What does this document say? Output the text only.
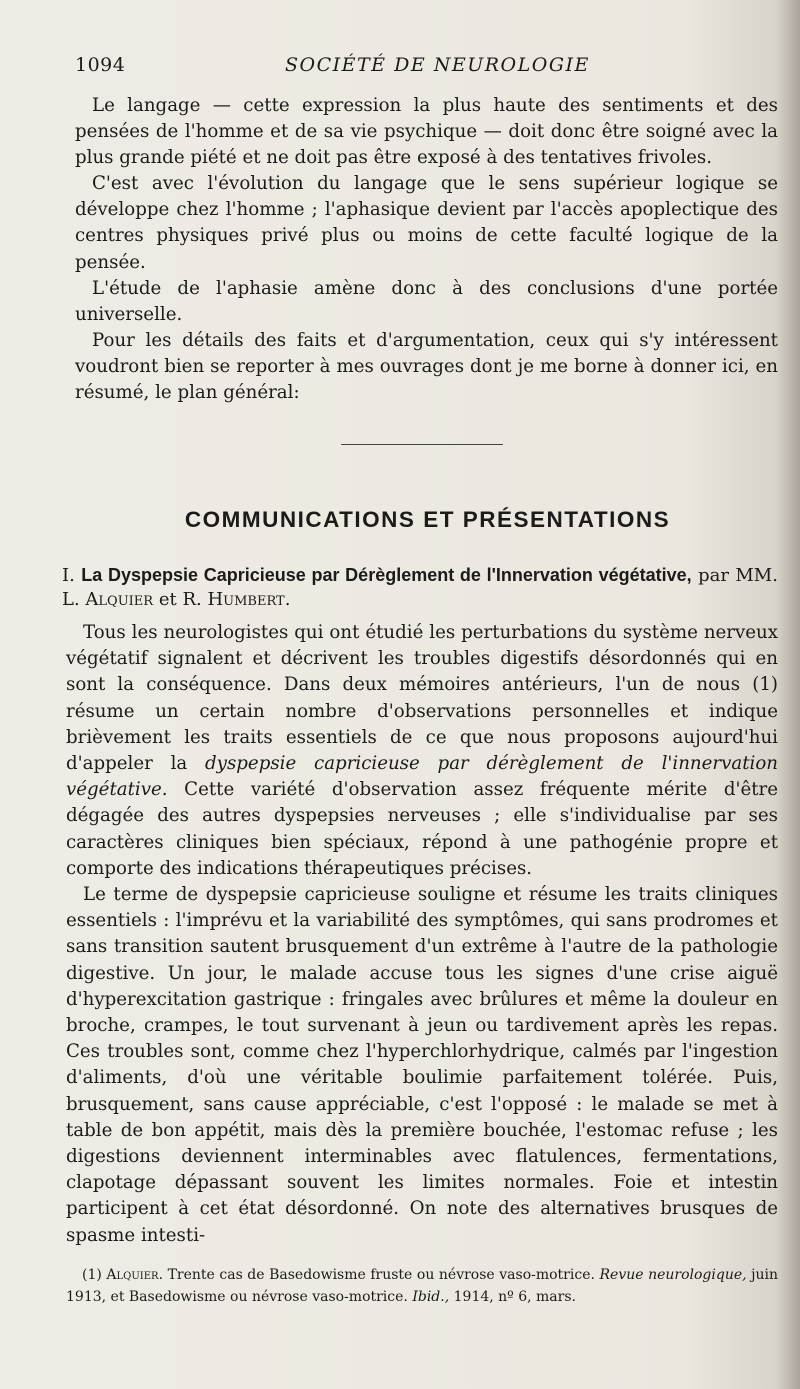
1094	SOCIÉTÉ DE NEUROLOGIE

Le langage — cette expression la plus haute des sentiments et des pensées de l'homme et de sa vie psychique — doit donc être soigné avec la plus grande piété et ne doit pas être exposé à des tentatives frivoles.

C'est avec l'évolution du langage que le sens supérieur logique se développe chez l'homme ; l'aphasique devient par l'accès apoplectique des centres physiques privé plus ou moins de cette faculté logique de la pensée.

L'étude de l'aphasie amène donc à des conclusions d'une portée universelle.

Pour les détails des faits et d'argumentation, ceux qui s'y intéressent voudront bien se reporter à mes ouvrages dont je me borne à donner ici, en résumé, le plan général:

COMMUNICATIONS ET PRÉSENTATIONS

I. La Dyspepsie Capricieuse par Dérèglement de l'Innervation végétative, par MM. L. Alquier et R. Humbert.

Tous les neurologistes qui ont étudié les perturbations du système nerveux végétatif signalent et décrivent les troubles digestifs désordonnés qui en sont la conséquence. Dans deux mémoires antérieurs, l'un de nous (1) résume un certain nombre d'observations personnelles et indique brièvement les traits essentiels de ce que nous proposons aujourd'hui d'appeler la dyspepsie capricieuse par dérèglement de l'innervation végétative. Cette variété d'observation assez fréquente mérite d'être dégagée des autres dyspepsies nerveuses ; elle s'individualise par ses caractères cliniques bien spéciaux, répond à une pathogénie propre et comporte des indications thérapeutiques précises.

Le terme de dyspepsie capricieuse souligne et résume les traits cliniques essentiels : l'imprévu et la variabilité des symptômes, qui sans prodromes et sans transition sautent brusquement d'un extrême à l'autre de la pathologie digestive. Un jour, le malade accuse tous les signes d'une crise aiguë d'hyperexcitation gastrique : fringales avec brûlures et même la douleur en broche, crampes, le tout survenant à jeun ou tardivement après les repas. Ces troubles sont, comme chez l'hyperchlorhydrique, calmés par l'ingestion d'aliments, d'où une véritable boulimie parfaitement tolérée. Puis, brusquement, sans cause appréciable, c'est l'opposé : le malade se met à table de bon appétit, mais dès la première bouchée, l'estomac refuse ; les digestions deviennent interminables avec flatulences, fermentations, clapotage dépassant souvent les limites normales. Foie et intestin participent à cet état désordonné. On note des alternatives brusques de spasme intesti-

(1) Alquier. Trente cas de Basedowisme fruste ou névrose vaso-motrice. Revue neurologique, juin 1913, et Basedowisme ou névrose vaso-motrice. Ibid., 1914, nº 6, mars.
